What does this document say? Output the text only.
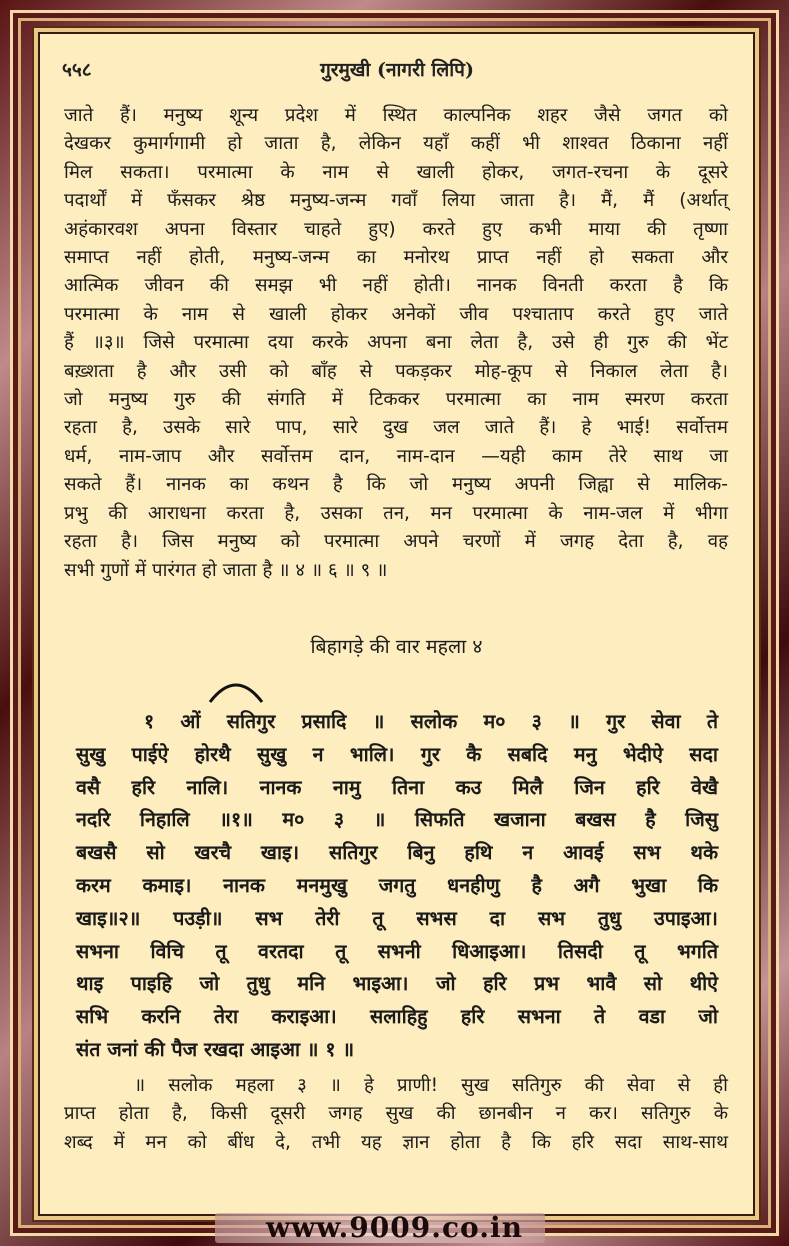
५५८	गुरमुखी (नागरी लिपि)
जाते हैं। मनुष्य शून्य प्रदेश में स्थित काल्पनिक शहर जैसे जगत को
देखकर कुमार्गगामी हो जाता है, लेकिन यहाँ कहीं भी शाश्वत ठिकाना नहीं
मिल सकता। परमात्मा के नाम से खाली होकर, जगत-रचना के दूसरे
पदार्थों में फँसकर श्रेष्ठ मनुष्य-जन्म गवाँ लिया जाता है। मैं, मैं (अर्थात्
अहंकारवश अपना विस्तार चाहते हुए) करते हुए कभी माया की तृष्णा
समाप्त नहीं होती, मनुष्य-जन्म का मनोरथ प्राप्त नहीं हो सकता और
आत्मिक जीवन की समझ भी नहीं होती। नानक विनती करता है कि
परमात्मा के नाम से खाली होकर अनेकों जीव पश्चाताप करते हुए जाते
हैं ॥३॥ जिसे परमात्मा दया करके अपना बना लेता है, उसे ही गुरु की भेंट
बख़्शता है और उसी को बाँह से पकड़कर मोह-कूप से निकाल लेता है।
जो मनुष्य गुरु की संगति में टिककर परमात्मा का नाम स्मरण करता
रहता है, उसके सारे पाप, सारे दुख जल जाते हैं। हे भाई! सर्वोत्तम
धर्म, नाम-जाप और सर्वोत्तम दान, नाम-दान —यही काम तेरे साथ जा
सकते हैं। नानक का कथन है कि जो मनुष्य अपनी जिह्वा से मालिक-
प्रभु की आराधना करता है, उसका तन, मन परमात्मा के नाम-जल में भीगा
रहता है। जिस मनुष्य को परमात्मा अपने चरणों में जगह देता है, वह
सभी गुणों में पारंगत हो जाता है ॥ ४ ॥ ६ ॥ ९ ॥
बिहागड़े की वार महला ४
१ ओं सतिगुर प्रसादि ॥ सलोक म० ३ ॥ गुर सेवा ते
सुखु पाईऐ होरथै सुखु न भालि। गुर कै सबदि मनु भेदीऐ सदा
वसै हरि नालि। नानक नामु तिना कउ मिलै जिन हरि वेखै
नदरि निहालि ॥१॥ म० ३ ॥ सिफति खजाना बखस है जिसु
बखसै सो खरचै खाइ। सतिगुर बिनु हथि न आवई सभ थके
करम कमाइ। नानक मनमुखु जगतु धनहीणु है अगै भुखा कि
खाइ॥२॥ पउड़ी॥ सभ तेरी तू सभस दा सभ तुधु उपाइआ।
सभना विचि तू वरतदा तू सभनी धिआइआ। तिसदी तू भगति
थाइ पाइहि जो तुधु मनि भाइआ। जो हरि प्रभ भावै सो थीऐ
सभि करनि तेरा कराइआ। सलाहिहु हरि सभना ते वडा जो
संत जनां की पैज रखदा आइआ ॥ १ ॥
॥ सलोक महला ३ ॥ हे प्राणी! सुख सतिगुरु की सेवा से ही
प्राप्त होता है, किसी दूसरी जगह सुख की छानबीन न कर। सतिगुरु के
शब्द में मन को बींध दे, तभी यह ज्ञान होता है कि हरि सदा साथ-साथ
www.9009.co.in
